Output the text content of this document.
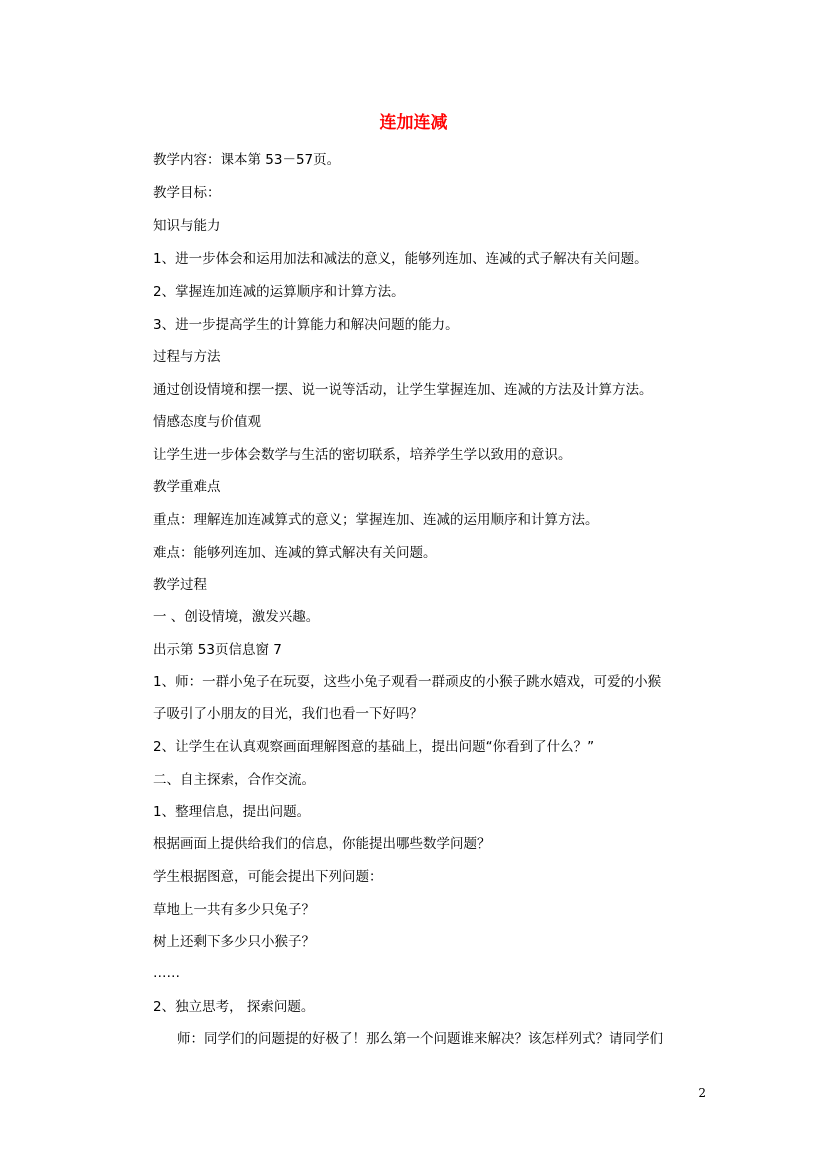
连加连减
教学内容：课本第 53－57页。
教学目标：
知识与能力
1、进一步体会和运用加法和减法的意义，能够列连加、连减的式子解决有关问题。
2、掌握连加连减的运算顺序和计算方法。
3、进一步提高学生的计算能力和解决问题的能力。
过程与方法
通过创设情境和摆一摆、说一说等活动，让学生掌握连加、连减的方法及计算方法。
情感态度与价值观
让学生进一步体会数学与生活的密切联系，培养学生学以致用的意识。
教学重难点
重点：理解连加连减算式的意义；掌握连加、连减的运用顺序和计算方法。
难点：能够列连加、连减的算式解决有关问题。
教学过程
一 、创设情境，激发兴趣。
出示第 53页信息窗 7
1、师：一群小兔子在玩耍，这些小兔子观看一群顽皮的小猴子跳水嬉戏，可爱的小猴
子吸引了小朋友的目光，我们也看一下好吗？
2、让学生在认真观察画面理解图意的基础上，提出问题“你看到了什么？”
二、自主探索，合作交流。
1、整理信息，提出问题。
根据画面上提供给我们的信息，你能提出哪些数学问题？
学生根据图意，可能会提出下列问题：
草地上一共有多少只兔子？
树上还剩下多少只小猴子？
……
2、独立思考， 探索问题。
师：同学们的问题提的好极了！那么第一个问题谁来解决？该怎样列式？请同学们
2
